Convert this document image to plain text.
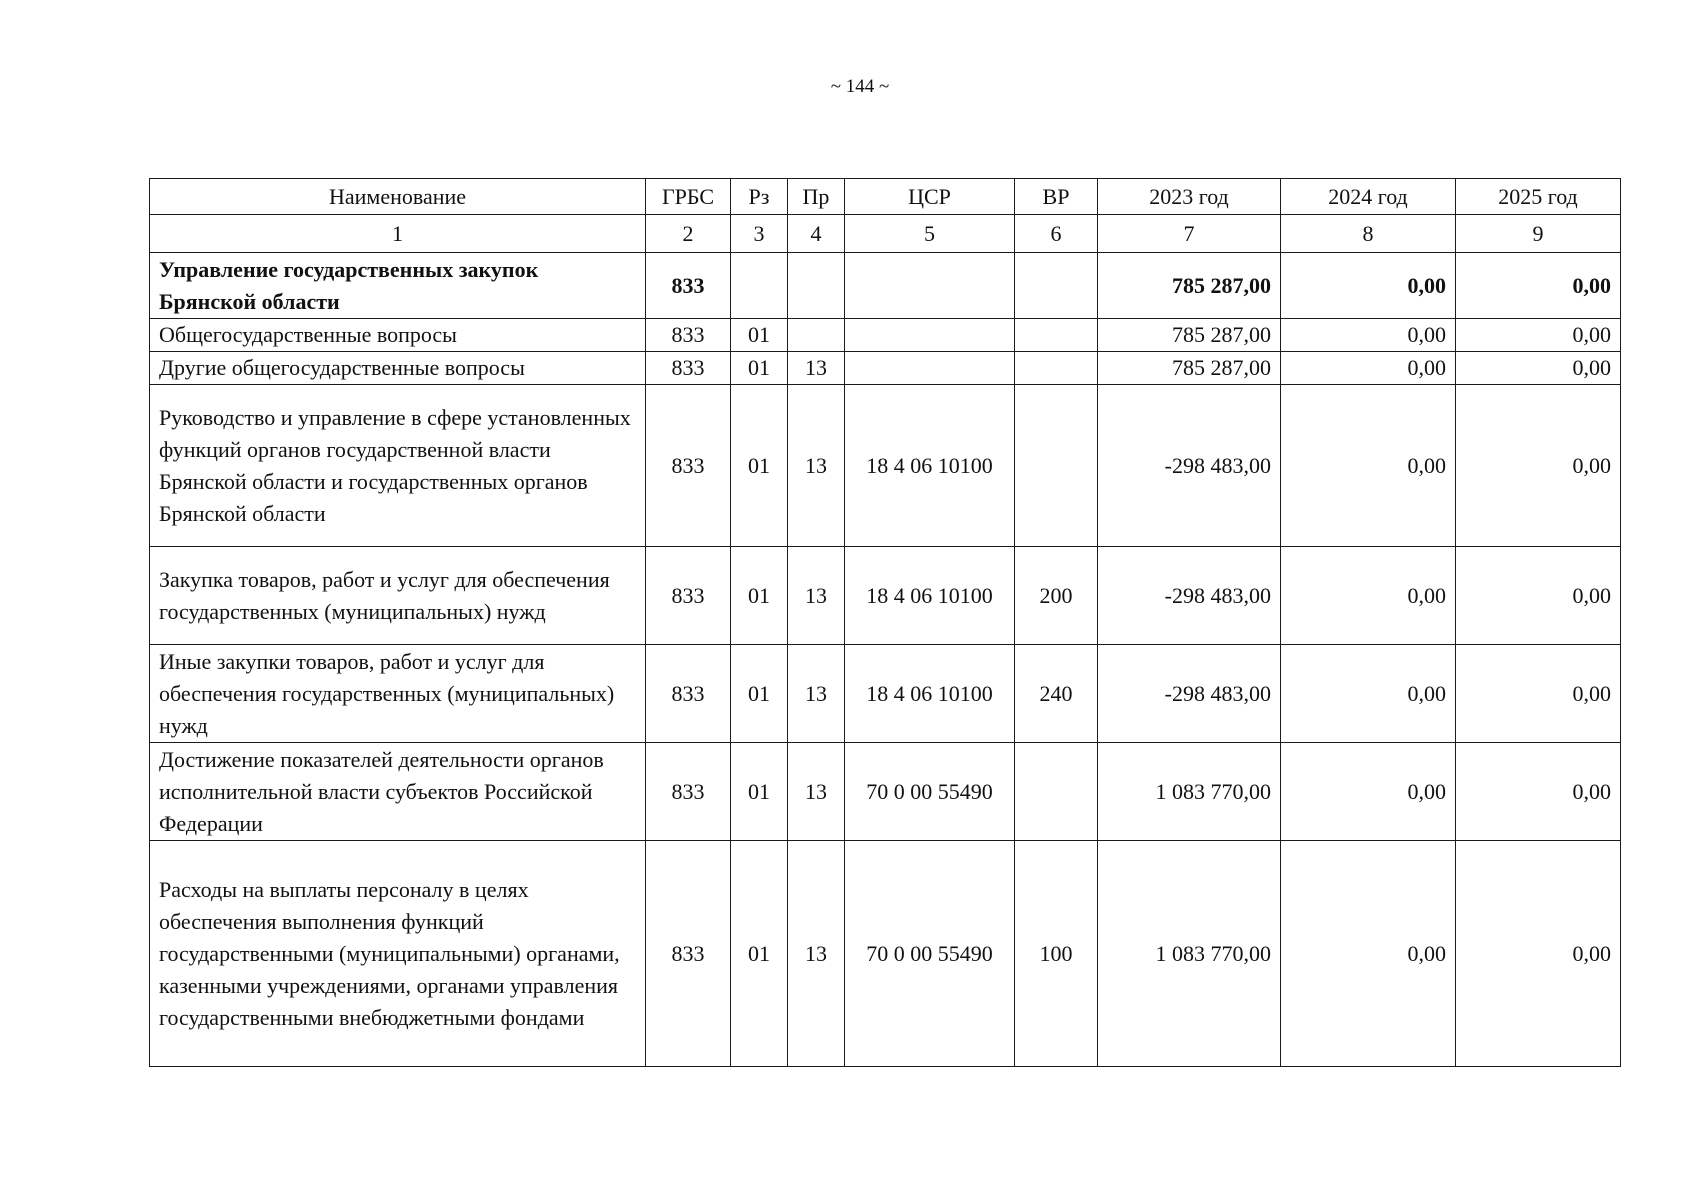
~ 144 ~
Наименование	ГРБС	Рз	Пр	ЦСР	ВР	2023 год	2024 год	2025 год
1	2	3	4	5	6	7	8	9
Управление государственных закупок Брянской области	833					785 287,00	0,00	0,00
Общегосударственные вопросы	833	01				785 287,00	0,00	0,00
Другие общегосударственные вопросы	833	01	13			785 287,00	0,00	0,00
Руководство и управление в сфере установленных функций органов государственной власти Брянской области и государственных органов Брянской области	833	01	13	18 4 06 10100		-298 483,00	0,00	0,00
Закупка товаров, работ и услуг для обеспечения государственных (муниципальных) нужд	833	01	13	18 4 06 10100	200	-298 483,00	0,00	0,00
Иные закупки товаров, работ и услуг для обеспечения государственных (муниципальных) нужд	833	01	13	18 4 06 10100	240	-298 483,00	0,00	0,00
Достижение показателей деятельности органов исполнительной власти субъектов Российской Федерации	833	01	13	70 0 00 55490		1 083 770,00	0,00	0,00
Расходы на выплаты персоналу в целях обеспечения выполнения функций государственными (муниципальными) органами, казенными учреждениями, органами управления государственными внебюджетными фондами	833	01	13	70 0 00 55490	100	1 083 770,00	0,00	0,00
